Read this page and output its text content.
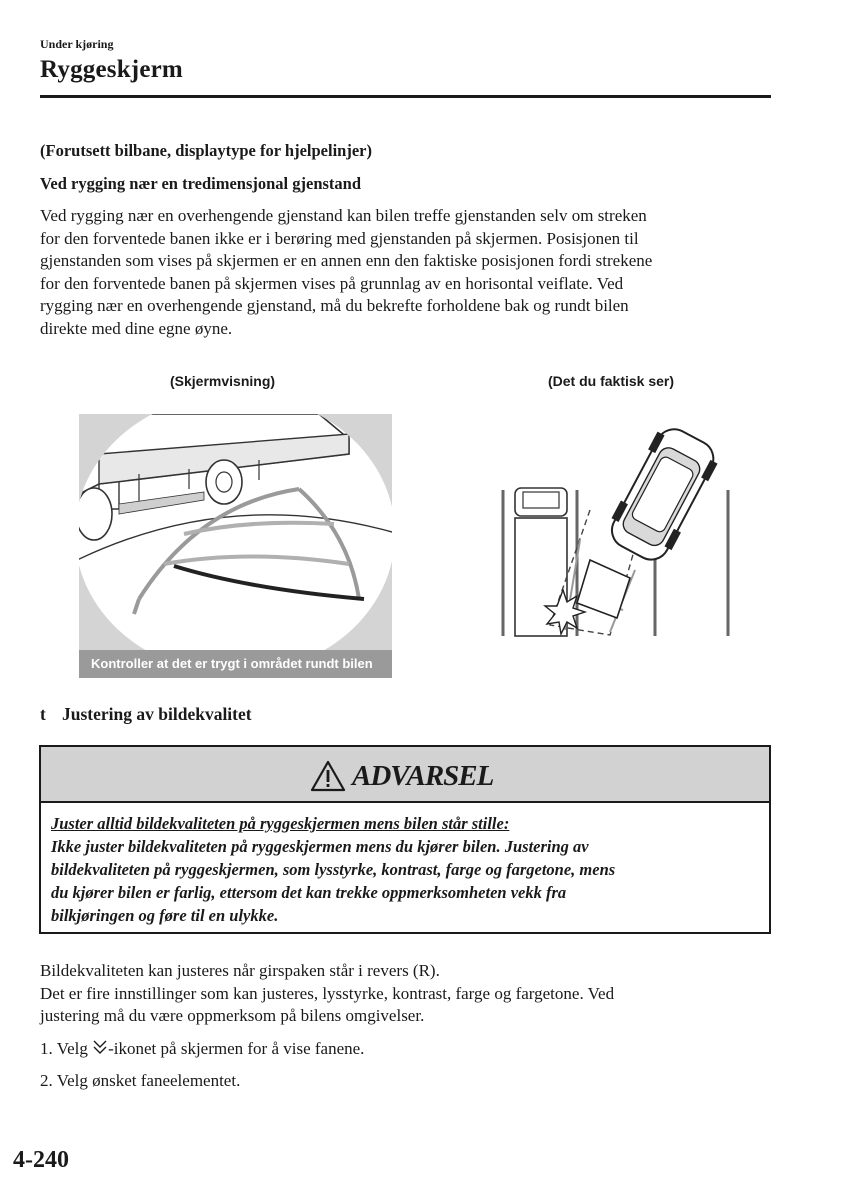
Under kjøring
Ryggeskjerm
(Forutsett bilbane, displaytype for hjelpelinjer)
Ved rygging nær en tredimensjonal gjenstand
Ved rygging nær en overhengende gjenstand kan bilen treffe gjenstanden selv om streken
for den forventede banen ikke er i berøring med gjenstanden på skjermen. Posisjonen til
gjenstanden som vises på skjermen er en annen enn den faktiske posisjonen fordi strekene
for den forventede banen på skjermen vises på grunnlag av en horisontal veiflate. Ved
rygging nær en overhengende gjenstand, må du bekrefte forholdene bak og rundt bilen
direkte med dine egne øyne.
(Skjermvisning)	(Det du faktisk ser)
Kontroller at det er trygt i området rundt bilen
t Justering av bildekvalitet
ADVARSEL
Juster alltid bildekvaliteten på ryggeskjermen mens bilen står stille:
Ikke juster bildekvaliteten på ryggeskjermen mens du kjører bilen. Justering av
bildekvaliteten på ryggeskjermen, som lysstyrke, kontrast, farge og fargetone, mens
du kjører bilen er farlig, ettersom det kan trekke oppmerksomheten vekk fra
bilkjøringen og føre til en ulykke.
Bildekvaliteten kan justeres når girspaken står i revers (R).
Det er fire innstillinger som kan justeres, lysstyrke, kontrast, farge og fargetone. Ved
justering må du være oppmerksom på bilens omgivelser.
1. Velg -ikonet på skjermen for å vise fanene.
2. Velg ønsket faneelementet.
4-240
